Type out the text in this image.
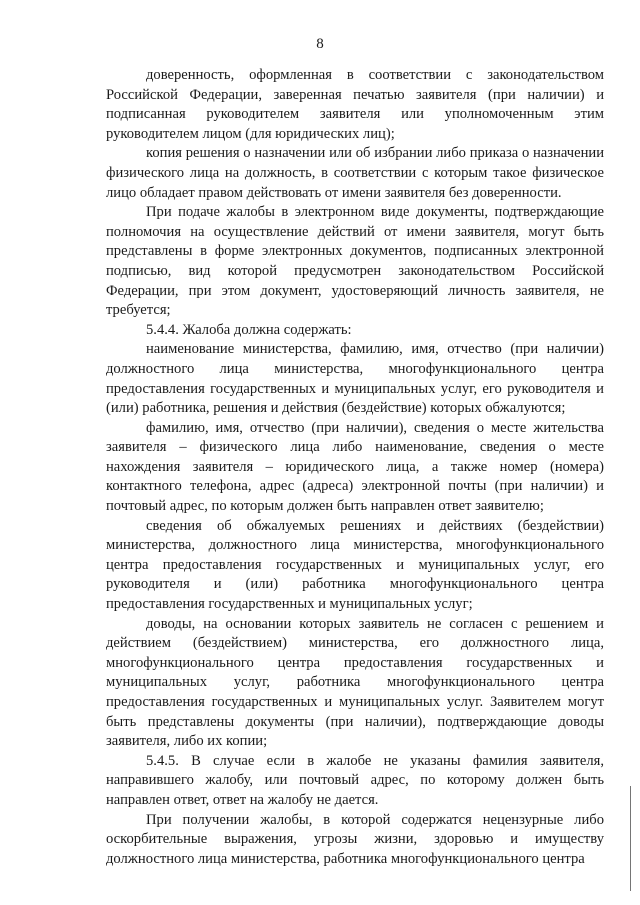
8

доверенность, оформленная в соответствии с законодательством Российской Федерации, заверенная печатью заявителя (при наличии) и подписанная руководителем заявителя или уполномоченным этим руководителем лицом (для юридических лиц);

копия решения о назначении или об избрании либо приказа о назначении физического лица на должность, в соответствии с которым такое физическое лицо обладает правом действовать от имени заявителя без доверенности.

При подаче жалобы в электронном виде документы, подтверждающие полномочия на осуществление действий от имени заявителя, могут быть представлены в форме электронных документов, подписанных электронной подписью, вид которой предусмотрен законодательством Российской Федерации, при этом документ, удостоверяющий личность заявителя, не требуется;

5.4.4. Жалоба должна содержать:

наименование министерства, фамилию, имя, отчество (при наличии) должностного лица министерства, многофункционального центра предоставления государственных и муниципальных услуг, его руководителя и (или) работника, решения и действия (бездействие) которых обжалуются;

фамилию, имя, отчество (при наличии), сведения о месте жительства заявителя – физического лица либо наименование, сведения о месте нахождения заявителя – юридического лица, а также номер (номера) контактного телефона, адрес (адреса) электронной почты (при наличии) и почтовый адрес, по которым должен быть направлен ответ заявителю;

сведения об обжалуемых решениях и действиях (бездействии) министерства, должностного лица министерства, многофункционального центра предоставления государственных и муниципальных услуг, его руководителя и (или) работника многофункционального центра предоставления государственных и муниципальных услуг;

доводы, на основании которых заявитель не согласен с решением и действием (бездействием) министерства, его должностного лица, многофункционального центра предоставления государственных и муниципальных услуг, работника многофункционального центра предоставления государственных и муниципальных услуг. Заявителем могут быть представлены документы (при наличии), подтверждающие доводы заявителя, либо их копии;

5.4.5. В случае если в жалобе не указаны фамилия заявителя, направившего жалобу, или почтовый адрес, по которому должен быть направлен ответ, ответ на жалобу не дается.

При получении жалобы, в которой содержатся нецензурные либо оскорбительные выражения, угрозы жизни, здоровью и имуществу должностного лица министерства, работника многофункционального центра
